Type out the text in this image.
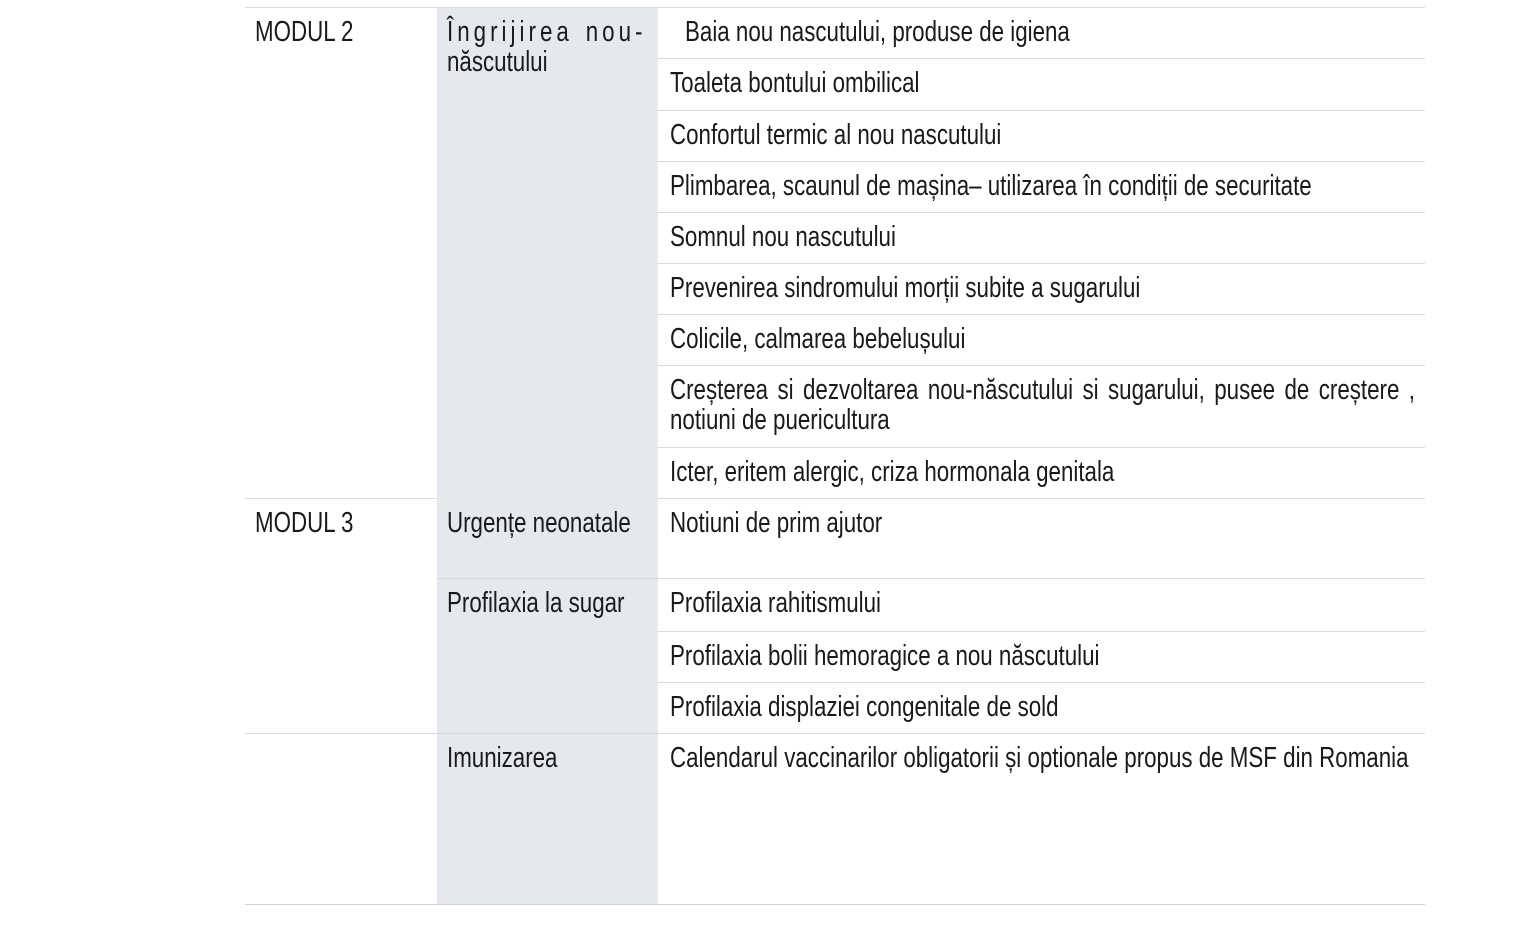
MODUL 2
MODUL 3
Îngrijirea nou-
născutului
Urgențe neonatale
Profilaxia la sugar
Imunizarea
Baia nou nascutului, produse de igiena
Toaleta bontului ombilical
Confortul termic al nou nascutului
Plimbarea, scaunul de mașina– utilizarea în condiții de securitate
Somnul nou nascutului
Prevenirea sindromului morții subite a sugarului
Colicile, calmarea bebelușului
Creșterea si dezvoltarea nou-născutului si sugarului, pusee de creștere , notiuni de puericultura
Icter, eritem alergic, criza hormonala genitala
Notiuni de prim ajutor
Profilaxia rahitismului
Profilaxia bolii hemoragice a nou născutului
Profilaxia displaziei congenitale de sold
Calendarul vaccinarilor obligatorii și optionale propus de MSF din Romania
